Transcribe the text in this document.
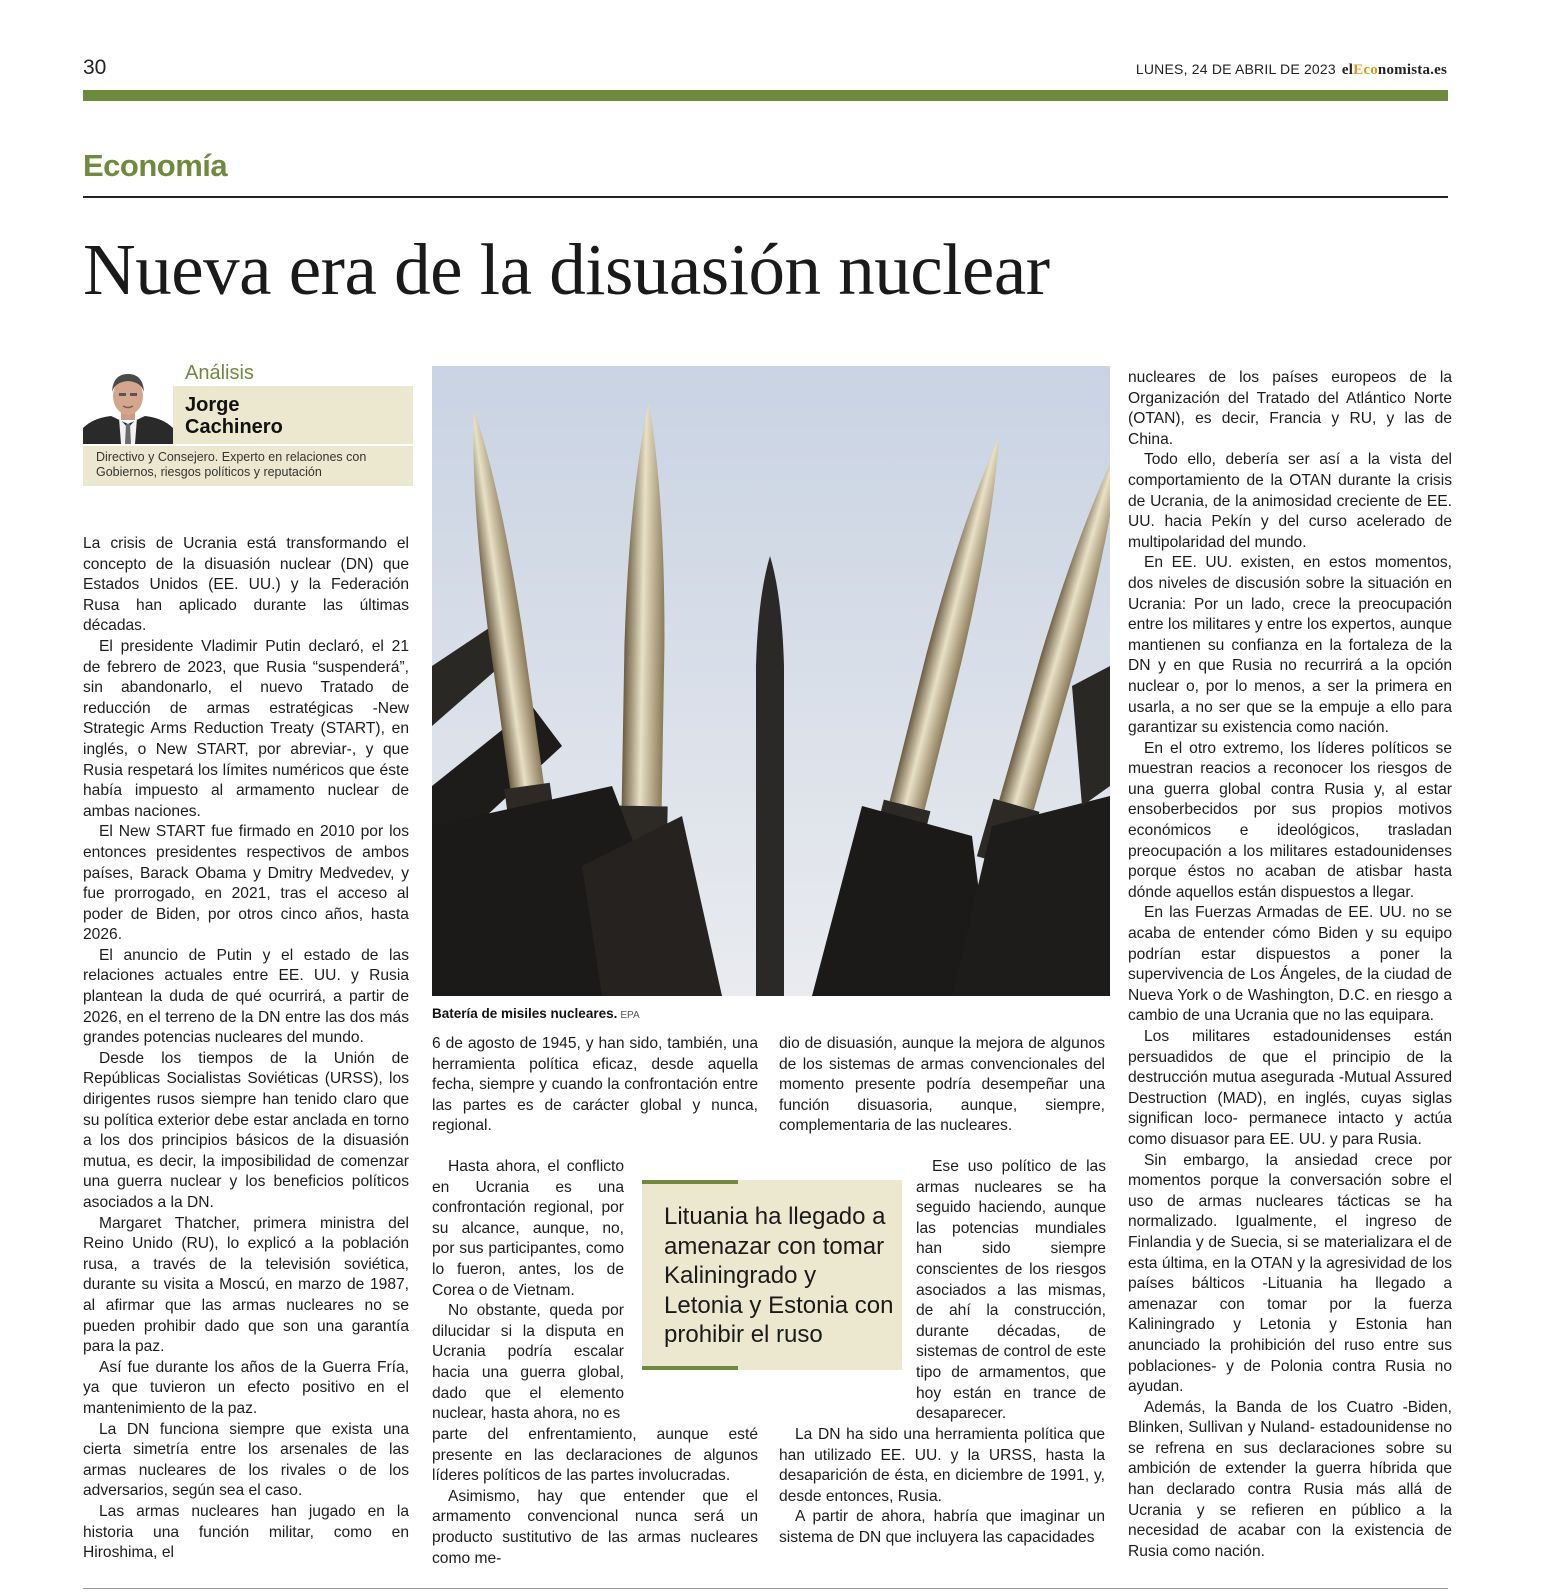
30	LUNES, 24 DE ABRIL DE 2023 elEconomista.es
Economía
Nueva era de la disuasión nuclear
Análisis
Jorge
Cachinero
Directivo y Consejero. Experto en relaciones con Gobiernos, riesgos políticos y reputación

La crisis de Ucrania está transformando el concepto de la disuasión nuclear (DN) que Estados Unidos (EE. UU.) y la Federación Rusa han aplicado durante las últimas décadas.

El presidente Vladimir Putin declaró, el 21 de febrero de 2023, que Rusia “suspenderá”, sin abandonarlo, el nuevo Tratado de reducción de armas estratégicas -New Strategic Arms Reduction Treaty (START), en inglés, o New START, por abreviar-, y que Rusia respetará los límites numéricos que éste había impuesto al armamento nuclear de ambas naciones.

El New START fue firmado en 2010 por los entonces presidentes respectivos de ambos países, Barack Obama y Dmitry Medvedev, y fue prorrogado, en 2021, tras el acceso al poder de Biden, por otros cinco años, hasta 2026.

El anuncio de Putin y el estado de las relaciones actuales entre EE. UU. y Rusia plantean la duda de qué ocurrirá, a partir de 2026, en el terreno de la DN entre las dos más grandes potencias nucleares del mundo.

Desde los tiempos de la Unión de Repúblicas Socialistas Soviéticas (URSS), los dirigentes rusos siempre han tenido claro que su política exterior debe estar anclada en torno a los dos principios básicos de la disuasión mutua, es decir, la imposibilidad de comenzar una guerra nuclear y los beneficios políticos asociados a la DN.

Margaret Thatcher, primera ministra del Reino Unido (RU), lo explicó a la población rusa, a través de la televisión soviética, durante su visita a Moscú, en marzo de 1987, al afirmar que las armas nucleares no se pueden prohibir dado que son una garantía para la paz.

Así fue durante los años de la Guerra Fría, ya que tuvieron un efecto positivo en el mantenimiento de la paz.

La DN funciona siempre que exista una cierta simetría entre los arsenales de las armas nucleares de los rivales o de los adversarios, según sea el caso.

Las armas nucleares han jugado en la historia una función militar, como en Hiroshima, el

Batería de misiles nucleares. EPA

6 de agosto de 1945, y han sido, también, una herramienta política eficaz, desde aquella fecha, siempre y cuando la confrontación entre las partes es de carácter global y nunca, regional.

Hasta ahora, el conflicto en Ucrania es una confrontación regional, por su alcance, aunque, no, por sus participantes, como lo fueron, antes, los de Corea o de Vietnam.

No obstante, queda por dilucidar si la disputa en Ucrania podría escalar hacia una guerra global, dado que el elemento nuclear, hasta ahora, no es

parte del enfrentamiento, aunque esté presente en las declaraciones de algunos líderes políticos de las partes involucradas.

Asimismo, hay que entender que el armamento convencional nunca será un producto sustitutivo de las armas nucleares como me-

dio de disuasión, aunque la mejora de algunos de los sistemas de armas convencionales del momento presente podría desempeñar una función disuasoria, aunque, siempre, complementaria de las nucleares.

Ese uso político de las armas nucleares se ha seguido haciendo, aunque las potencias mundiales han sido siempre conscientes de los riesgos asociados a las mismas, de ahí la construcción, durante décadas, de sistemas de control de este tipo de armamentos, que hoy están en trance de desaparecer.

La DN ha sido una herramienta política que han utilizado EE. UU. y la URSS, hasta la desaparición de ésta, en diciembre de 1991, y, desde entonces, Rusia.

A partir de ahora, habría que imaginar un sistema de DN que incluyera las capacidades

Lituania ha llegado a amenazar con tomar Kaliningrado y Letonia y Estonia con prohibir el ruso

nucleares de los países europeos de la Organización del Tratado del Atlántico Norte (OTAN), es decir, Francia y RU, y las de China.

Todo ello, debería ser así a la vista del comportamiento de la OTAN durante la crisis de Ucrania, de la animosidad creciente de EE. UU. hacia Pekín y del curso acelerado de multipolaridad del mundo.

En EE. UU. existen, en estos momentos, dos niveles de discusión sobre la situación en Ucrania: Por un lado, crece la preocupación entre los militares y entre los expertos, aunque mantienen su confianza en la fortaleza de la DN y en que Rusia no recurrirá a la opción nuclear o, por lo menos, a ser la primera en usarla, a no ser que se la empuje a ello para garantizar su existencia como nación.

En el otro extremo, los líderes políticos se muestran reacios a reconocer los riesgos de una guerra global contra Rusia y, al estar ensoberbecidos por sus propios motivos económicos e ideológicos, trasladan preocupación a los militares estadounidenses porque éstos no acaban de atisbar hasta dónde aquellos están dispuestos a llegar.

En las Fuerzas Armadas de EE. UU. no se acaba de entender cómo Biden y su equipo podrían estar dispuestos a poner la supervivencia de Los Ángeles, de la ciudad de Nueva York o de Washington, D.C. en riesgo a cambio de una Ucrania que no las equipara.

Los militares estadounidenses están persuadidos de que el principio de la destrucción mutua asegurada -Mutual Assured Destruction (MAD), en inglés, cuyas siglas significan loco- permanece intacto y actúa como disuasor para EE. UU. y para Rusia.

Sin embargo, la ansiedad crece por momentos porque la conversación sobre el uso de armas nucleares tácticas se ha normalizado. Igualmente, el ingreso de Finlandia y de Suecia, si se materializara el de esta última, en la OTAN y la agresividad de los países bálticos -Lituania ha llegado a amenazar con tomar por la fuerza Kaliningrado y Letonia y Estonia han anunciado la prohibición del ruso entre sus poblaciones- y de Polonia contra Rusia no ayudan.

Además, la Banda de los Cuatro -Biden, Blinken, Sullivan y Nuland- estadounidense no se refrena en sus declaraciones sobre su ambición de extender la guerra híbrida que han declarado contra Rusia más allá de Ucrania y se refieren en público a la necesidad de acabar con la existencia de Rusia como nación.
